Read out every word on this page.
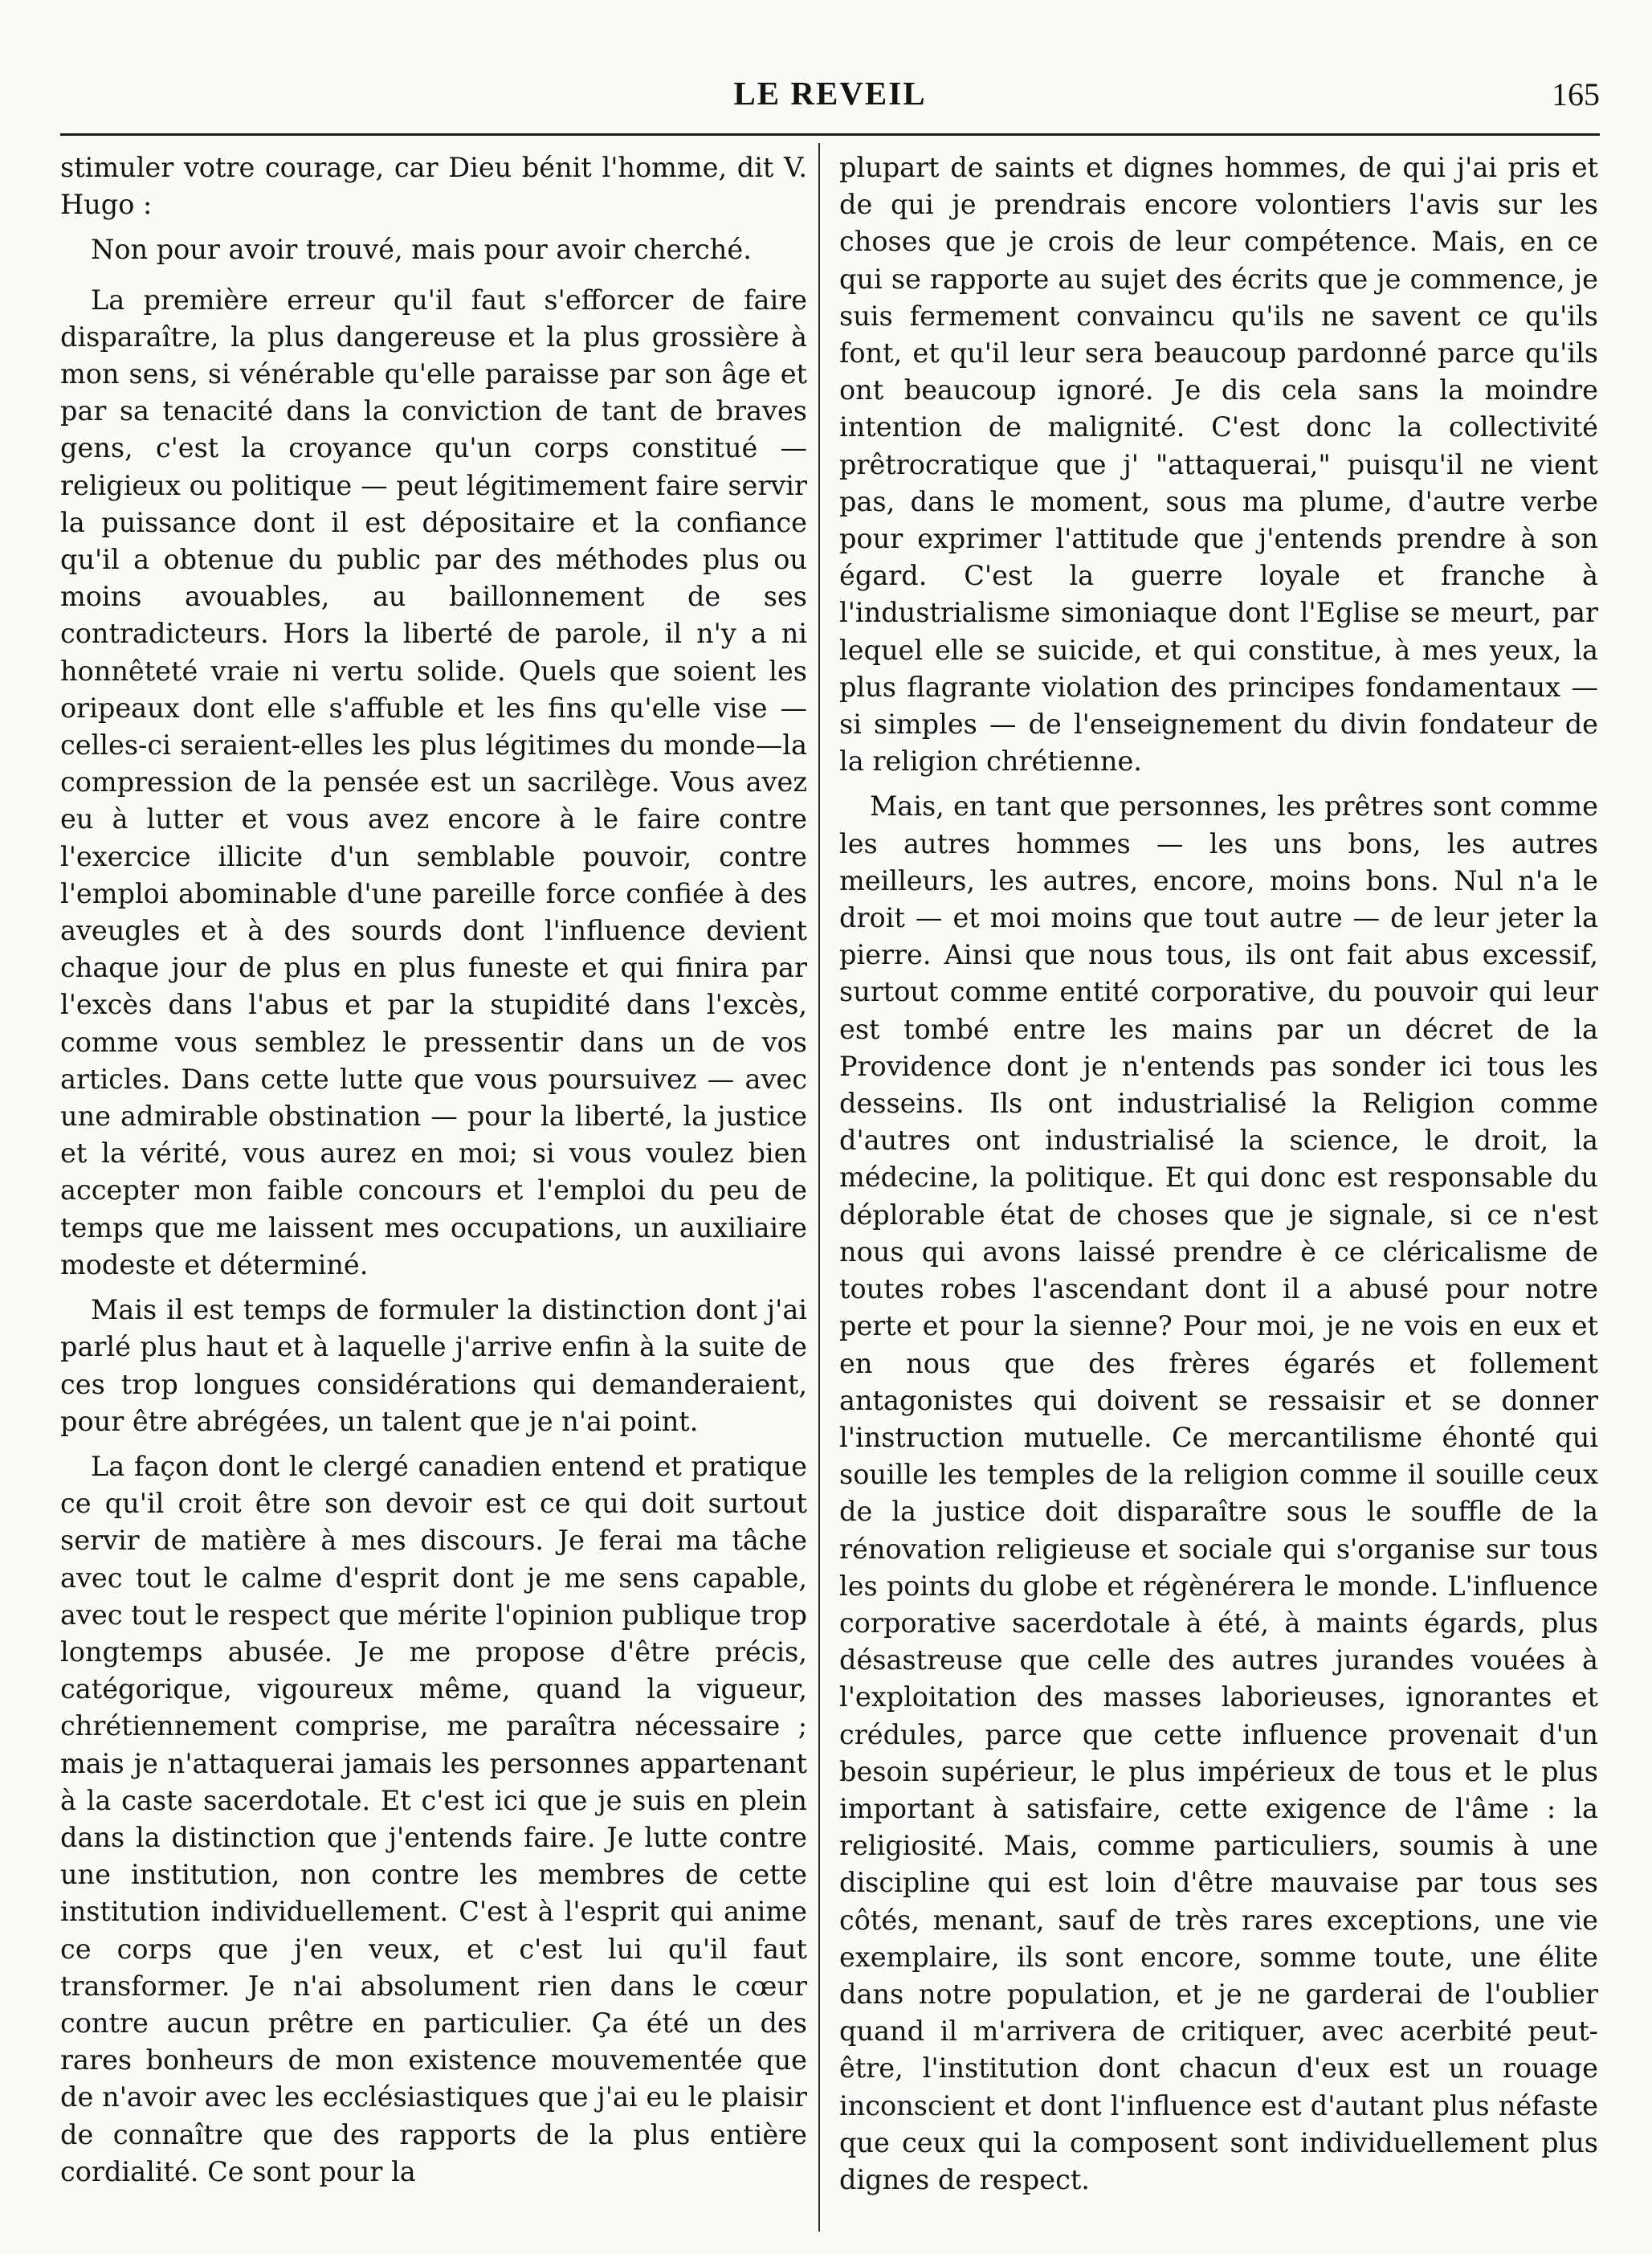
LE REVEIL	165

stimuler votre courage, car Dieu bénit l'homme, dit V. Hugo :

Non pour avoir trouvé, mais pour avoir cherché.

La première erreur qu'il faut s'efforcer de faire disparaître, la plus dangereuse et la plus grossière à mon sens, si vénérable qu'elle paraisse par son âge et par sa tenacité dans la conviction de tant de braves gens, c'est la croyance qu'un corps constitué — religieux ou politique — peut légitimement faire servir la puissance dont il est dépositaire et la confiance qu'il a obtenue du public par des méthodes plus ou moins avouables, au baillonnement de ses contradicteurs. Hors la liberté de parole, il n'y a ni honnêteté vraie ni vertu solide. Quels que soient les oripeaux dont elle s'affuble et les fins qu'elle vise — celles-ci seraient-elles les plus légitimes du monde—la compression de la pensée est un sacrilège. Vous avez eu à lutter et vous avez encore à le faire contre l'exercice illicite d'un semblable pouvoir, contre l'emploi abominable d'une pareille force confiée à des aveugles et à des sourds dont l'influence devient chaque jour de plus en plus funeste et qui finira par l'excès dans l'abus et par la stupidité dans l'excès, comme vous semblez le pressentir dans un de vos articles. Dans cette lutte que vous poursuivez — avec une admirable obstination — pour la liberté, la justice et la vérité, vous aurez en moi; si vous voulez bien accepter mon faible concours et l'emploi du peu de temps que me laissent mes occupations, un auxiliaire modeste et déterminé.

Mais il est temps de formuler la distinction dont j'ai parlé plus haut et à laquelle j'arrive enfin à la suite de ces trop longues considérations qui demanderaient, pour être abrégées, un talent que je n'ai point.

La façon dont le clergé canadien entend et pratique ce qu'il croit être son devoir est ce qui doit surtout servir de matière à mes discours. Je ferai ma tâche avec tout le calme d'esprit dont je me sens capable, avec tout le respect que mérite l'opinion publique trop longtemps abusée. Je me propose d'être précis, catégorique, vigoureux même, quand la vigueur, chrétiennement comprise, me paraîtra nécessaire ; mais je n'attaquerai jamais les personnes appartenant à la caste sacerdotale. Et c'est ici que je suis en plein dans la distinction que j'entends faire. Je lutte contre une institution, non contre les membres de cette institution individuellement. C'est à l'esprit qui anime ce corps que j'en veux, et c'est lui qu'il faut transformer. Je n'ai absolument rien dans le cœur contre aucun prêtre en particulier. Ça été un des rares bonheurs de mon existence mouvementée que de n'avoir avec les ecclésiastiques que j'ai eu le plaisir de connaître que des rapports de la plus entière cordialité. Ce sont pour la

plupart de saints et dignes hommes, de qui j'ai pris et de qui je prendrais encore volontiers l'avis sur les choses que je crois de leur compétence. Mais, en ce qui se rapporte au sujet des écrits que je commence, je suis fermement convaincu qu'ils ne savent ce qu'ils font, et qu'il leur sera beaucoup pardonné parce qu'ils ont beaucoup ignoré. Je dis cela sans la moindre intention de malignité. C'est donc la collectivité prêtrocratique que j' "attaquerai," puisqu'il ne vient pas, dans le moment, sous ma plume, d'autre verbe pour exprimer l'attitude que j'entends prendre à son égard. C'est la guerre loyale et franche à l'industrialisme simoniaque dont l'Eglise se meurt, par lequel elle se suicide, et qui constitue, à mes yeux, la plus flagrante violation des principes fondamentaux — si simples — de l'enseignement du divin fondateur de la religion chrétienne.

Mais, en tant que personnes, les prêtres sont comme les autres hommes — les uns bons, les autres meilleurs, les autres, encore, moins bons. Nul n'a le droit — et moi moins que tout autre — de leur jeter la pierre. Ainsi que nous tous, ils ont fait abus excessif, surtout comme entité corporative, du pouvoir qui leur est tombé entre les mains par un décret de la Providence dont je n'entends pas sonder ici tous les desseins. Ils ont industrialisé la Religion comme d'autres ont industrialisé la science, le droit, la médecine, la politique. Et qui donc est responsable du déplorable état de choses que je signale, si ce n'est nous qui avons laissé prendre è ce cléricalisme de toutes robes l'ascendant dont il a abusé pour notre perte et pour la sienne? Pour moi, je ne vois en eux et en nous que des frères égarés et follement antagonistes qui doivent se ressaisir et se donner l'instruction mutuelle. Ce mercantilisme éhonté qui souille les temples de la religion comme il souille ceux de la justice doit disparaître sous le souffle de la rénovation religieuse et sociale qui s'organise sur tous les points du globe et régènérera le monde. L'influence corporative sacerdotale à été, à maints égards, plus désastreuse que celle des autres jurandes vouées à l'exploitation des masses laborieuses, ignorantes et crédules, parce que cette influence provenait d'un besoin supérieur, le plus impérieux de tous et le plus important à satisfaire, cette exigence de l'âme : la religiosité. Mais, comme particuliers, soumis à une discipline qui est loin d'être mauvaise par tous ses côtés, menant, sauf de très rares exceptions, une vie exemplaire, ils sont encore, somme toute, une élite dans notre population, et je ne garderai de l'oublier quand il m'arrivera de critiquer, avec acerbité peut-être, l'institution dont chacun d'eux est un rouage inconscient et dont l'influence est d'autant plus néfaste que ceux qui la composent sont individuellement plus dignes de respect.
